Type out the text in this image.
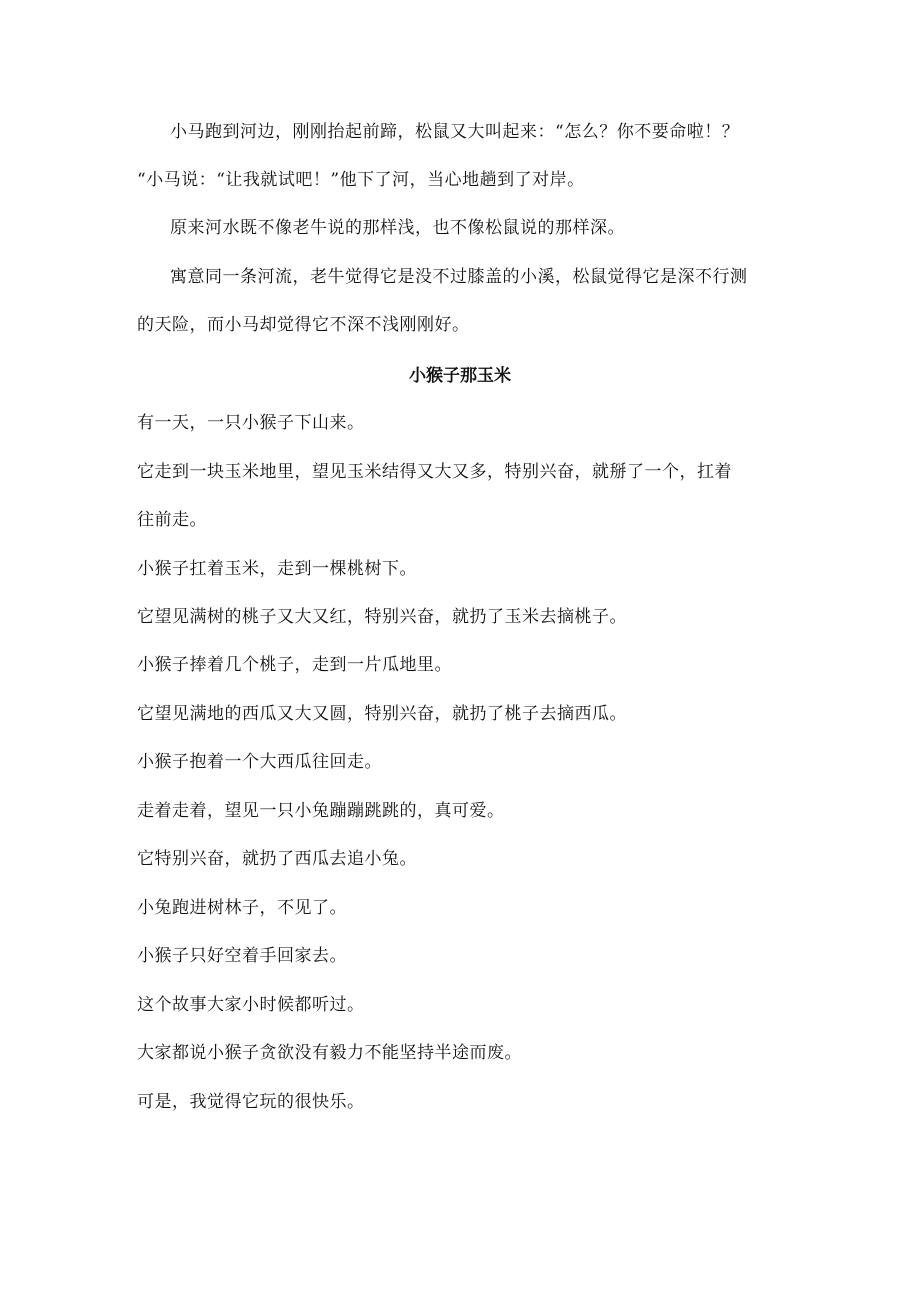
小马跑到河边，刚刚抬起前蹄，松鼠又大叫起来：“怎么？你不要命啦！？
“小马说：“让我就试吧！”他下了河，当心地趟到了对岸。
原来河水既不像老牛说的那样浅，也不像松鼠说的那样深。
寓意同一条河流，老牛觉得它是没不过膝盖的小溪，松鼠觉得它是深不行测
的天险，而小马却觉得它不深不浅刚刚好。
小猴子那玉米
有一天，一只小猴子下山来。
它走到一块玉米地里，望见玉米结得又大又多，特别兴奋，就掰了一个，扛着
往前走。
小猴子扛着玉米，走到一棵桃树下。
它望见满树的桃子又大又红，特别兴奋，就扔了玉米去摘桃子。
小猴子捧着几个桃子，走到一片瓜地里。
它望见满地的西瓜又大又圆，特别兴奋，就扔了桃子去摘西瓜。
小猴子抱着一个大西瓜往回走。
走着走着，望见一只小兔蹦蹦跳跳的，真可爱。
它特别兴奋，就扔了西瓜去追小兔。
小兔跑进树林子，不见了。
小猴子只好空着手回家去。
这个故事大家小时候都听过。
大家都说小猴子贪欲没有毅力不能坚持半途而废。
可是，我觉得它玩的很快乐。
